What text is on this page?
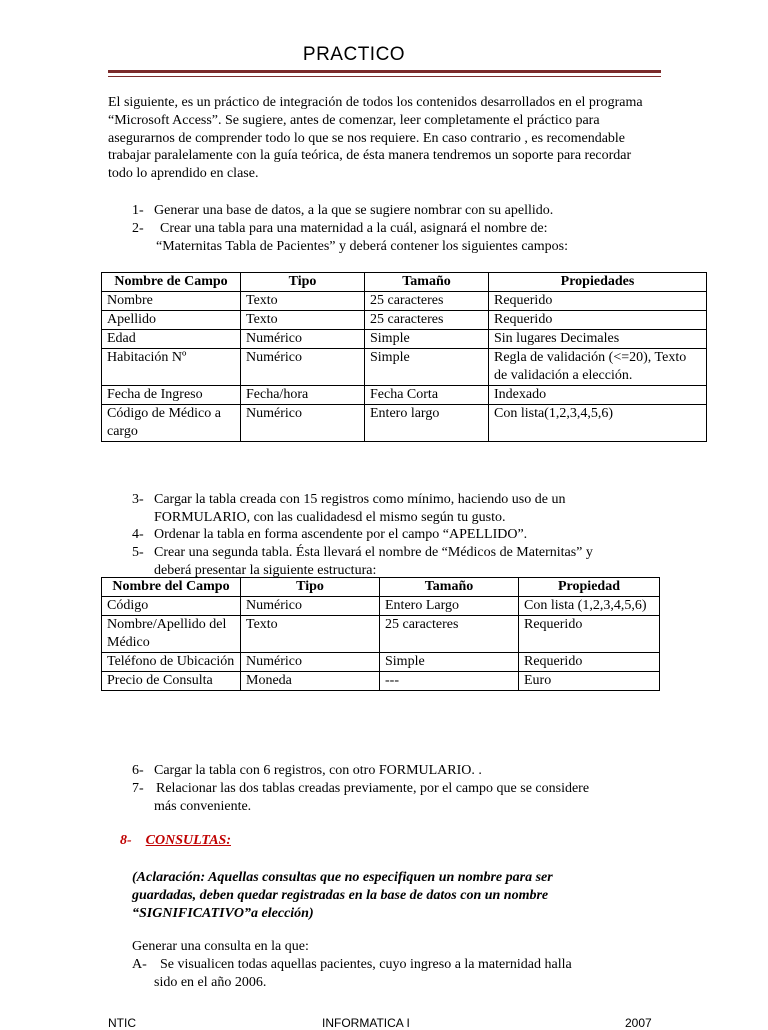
PRACTICO
El siguiente, es un práctico de integración de todos los contenidos desarrollados en el programa “Microsoft Access”. Se sugiere, antes de comenzar, leer completamente el práctico para asegurarnos de comprender todo lo que se nos requiere. En caso contrario , es recomendable trabajar paralelamente con la guía teórica, de ésta manera tendremos un soporte para recordar todo lo aprendido en clase.
1- Generar una base de datos, a la que se sugiere nombrar con su apellido.
2- Crear una tabla para una maternidad a la cuál, asignará el nombre de:
“Maternitas Tabla de Pacientes” y deberá contener los siguientes campos:
Nombre de Campo	Tipo	Tamaño	Propiedades
Nombre	Texto	25 caracteres	Requerido
Apellido	Texto	25 caracteres	Requerido
Edad	Numérico	Simple	Sin lugares Decimales
Habitación Nº	Numérico	Simple	Regla de validación (<=20), Texto de validación a elección.
Fecha de Ingreso	Fecha/hora	Fecha Corta	Indexado
Código de Médico a cargo	Numérico	Entero largo	Con lista(1,2,3,4,5,6)
3- Cargar la tabla creada con 15 registros como mínimo, haciendo uso de un
FORMULARIO, con las cualidadesd el mismo según tu gusto.
4- Ordenar la tabla en forma ascendente por el campo “APELLIDO”.
5- Crear una segunda tabla. Ésta llevará el nombre de “Médicos de Maternitas” y
deberá presentar la siguiente estructura:
Nombre del Campo	Tipo	Tamaño	Propiedad
Código	Numérico	Entero Largo	Con lista (1,2,3,4,5,6)
Nombre/Apellido del Médico	Texto	25 caracteres	Requerido
Teléfono de Ubicación	Numérico	Simple	Requerido
Precio de Consulta	Moneda	---	Euro
6- Cargar la tabla con 6 registros, con otro FORMULARIO. .
7- Relacionar las dos tablas creadas previamente, por el campo que se considere
más conveniente.
8- CONSULTAS:
(Aclaración: Aquellas consultas que no especifiquen un nombre para ser guardadas, deben quedar registradas en la base de datos con un nombre “SIGNIFICATIVO”a elección)
Generar una consulta en la que:
A- Se visualicen todas aquellas pacientes, cuyo ingreso a la maternidad halla
sido en el año 2006.
NTIC	INFORMATICA I	2007
